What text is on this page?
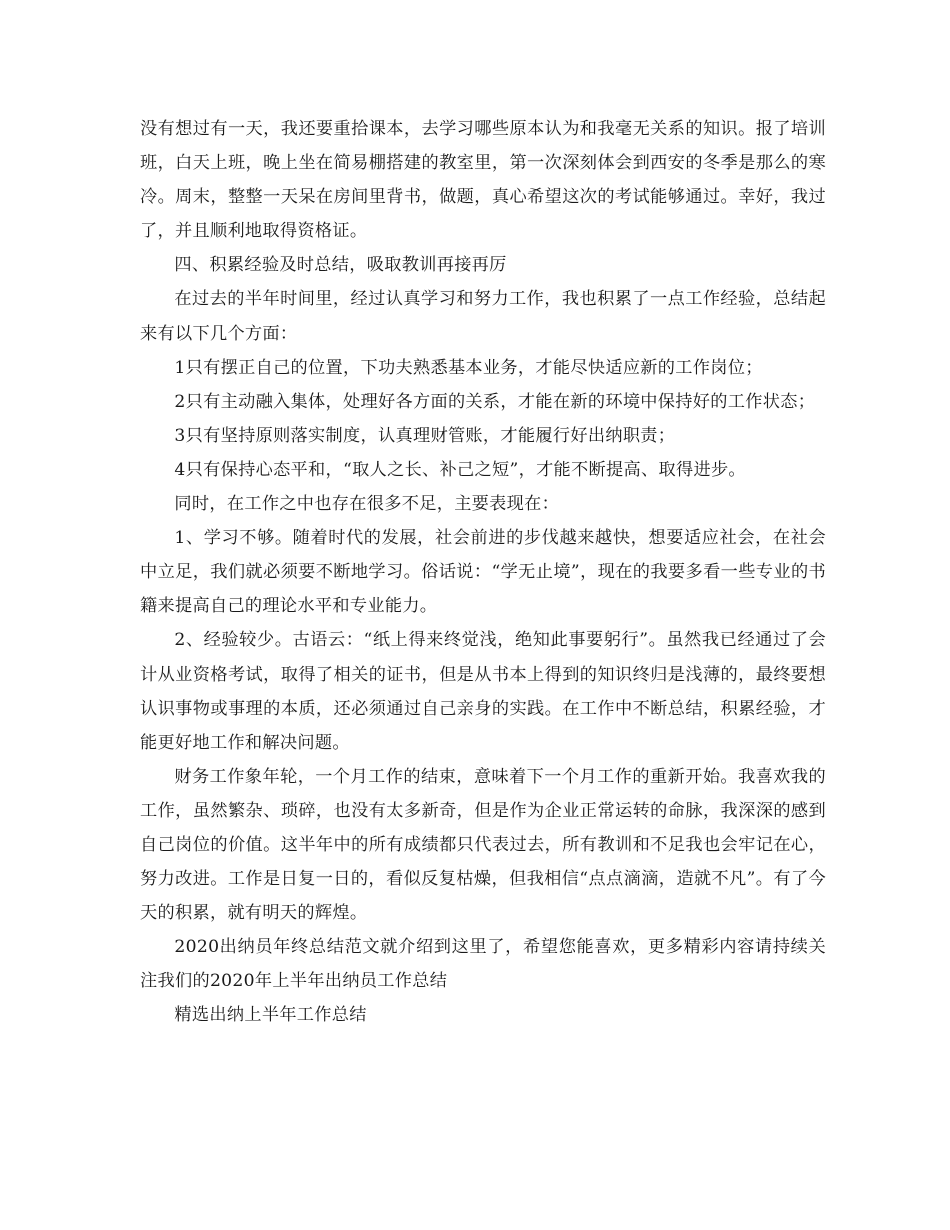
没有想过有一天，我还要重拾课本，去学习哪些原本认为和我毫无关系的知识。报了培训班，白天上班，晚上坐在简易棚搭建的教室里，第一次深刻体会到西安的冬季是那么的寒冷。周末，整整一天呆在房间里背书，做题，真心希望这次的考试能够通过。幸好，我过了，并且顺利地取得资格证。

四、积累经验及时总结，吸取教训再接再厉

在过去的半年时间里，经过认真学习和努力工作，我也积累了一点工作经验，总结起来有以下几个方面：

1只有摆正自己的位置，下功夫熟悉基本业务，才能尽快适应新的工作岗位；

2只有主动融入集体，处理好各方面的关系，才能在新的环境中保持好的工作状态；

3只有坚持原则落实制度，认真理财管账，才能履行好出纳职责；

4只有保持心态平和，“取人之长、补己之短”，才能不断提高、取得进步。

同时，在工作之中也存在很多不足，主要表现在：

1、学习不够。随着时代的发展，社会前进的步伐越来越快，想要适应社会，在社会中立足，我们就必须要不断地学习。俗话说：“学无止境”，现在的我要多看一些专业的书籍来提高自己的理论水平和专业能力。

2、经验较少。古语云：“纸上得来终觉浅，绝知此事要躬行”。虽然我已经通过了会计从业资格考试，取得了相关的证书，但是从书本上得到的知识终归是浅薄的，最终要想认识事物或事理的本质，还必须通过自己亲身的实践。在工作中不断总结，积累经验，才能更好地工作和解决问题。

财务工作象年轮，一个月工作的结束，意味着下一个月工作的重新开始。我喜欢我的工作，虽然繁杂、琐碎，也没有太多新奇，但是作为企业正常运转的命脉，我深深的感到自己岗位的价值。这半年中的所有成绩都只代表过去，所有教训和不足我也会牢记在心，努力改进。工作是日复一日的，看似反复枯燥，但我相信“点点滴滴，造就不凡”。有了今天的积累，就有明天的辉煌。

2020出纳员年终总结范文就介绍到这里了，希望您能喜欢，更多精彩内容请持续关注我们的2020年上半年出纳员工作总结

精选出纳上半年工作总结
